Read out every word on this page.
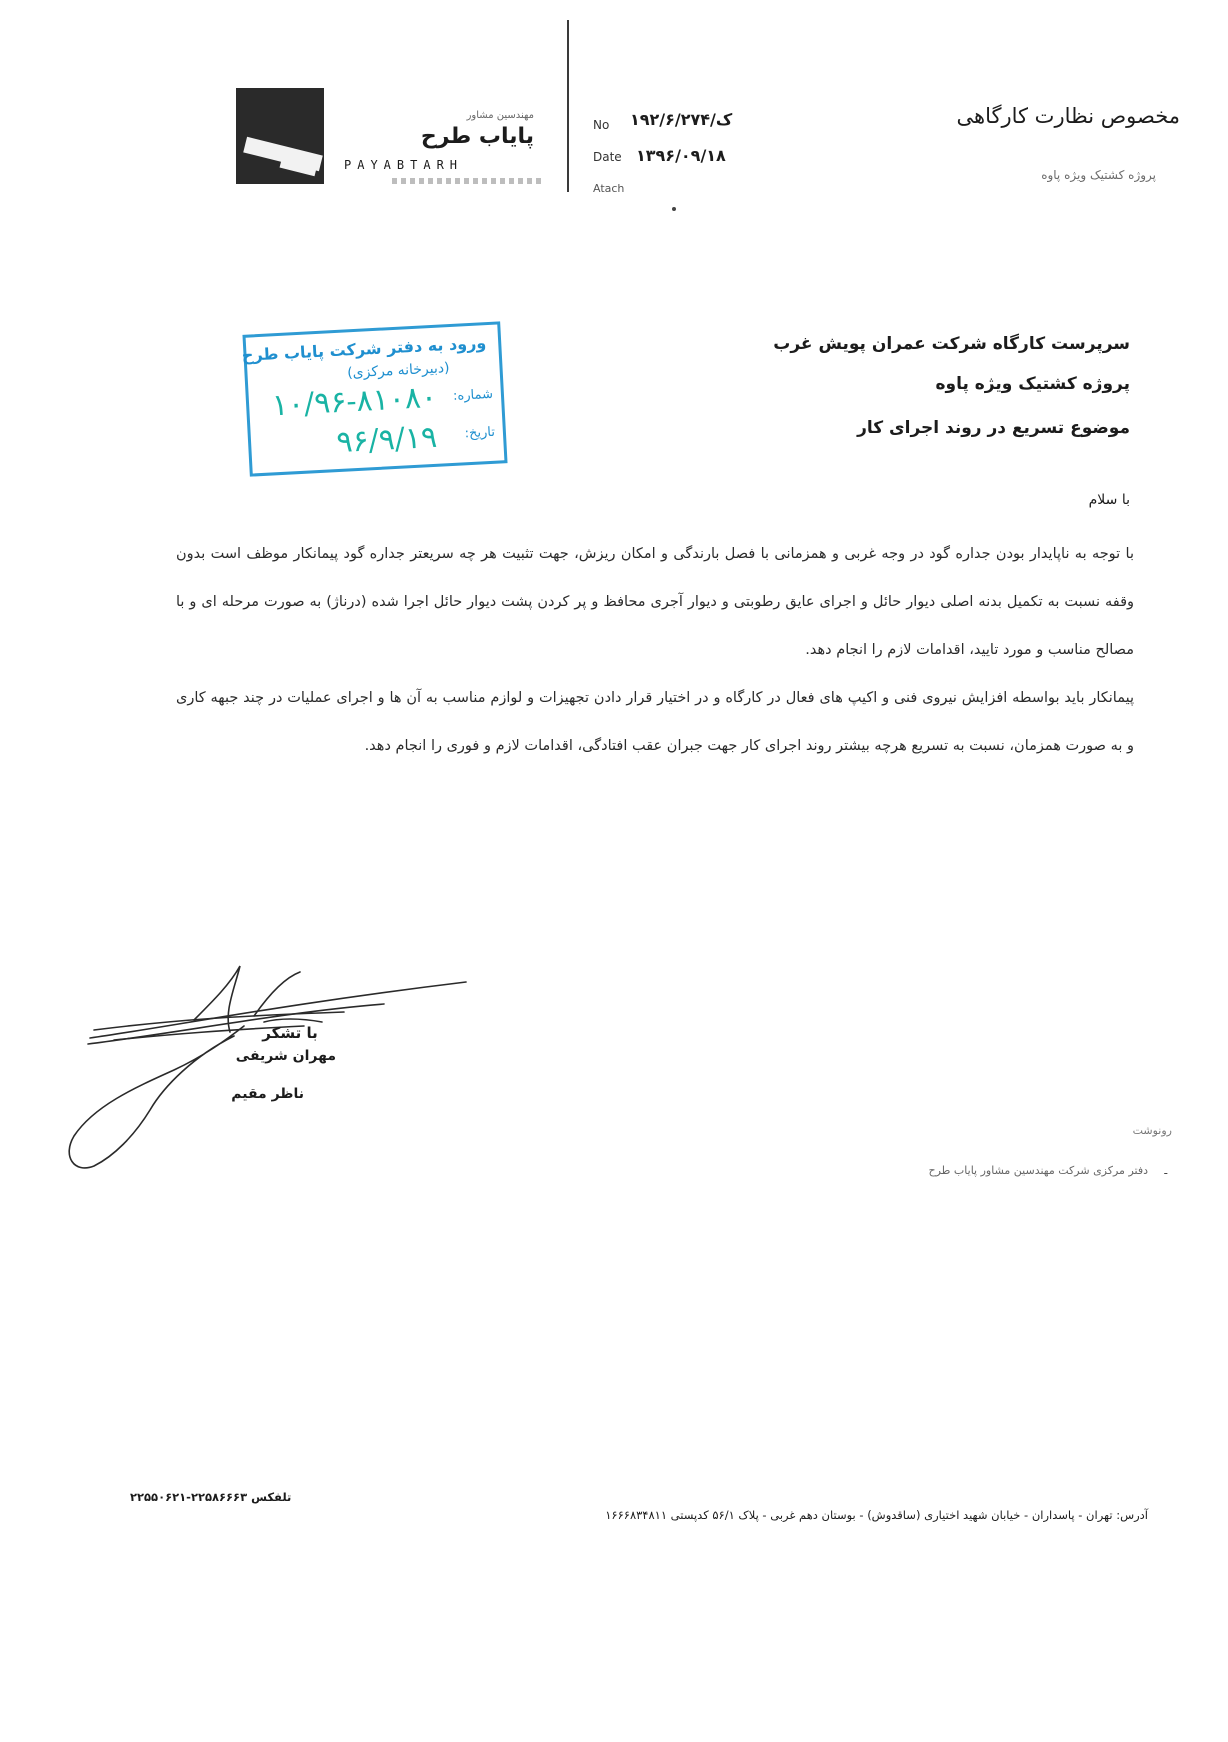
مهندسین مشاور
پایاب طرح
PAYABTARH
No ۱۹۲/۶/ک/۲۷۴
Date ۱۳۹۶/۰۹/۱۸
Atach
مخصوص نظارت کارگاهی
پروژه کشتیک ویژه پاوه
ورود به دفتر شرکت پایاب طرح
(دبیرخانه مرکزی)
شماره:
۱۰/۹۶-۸۱۰۸۰
تاریخ:
۹۶/۹/۱۹
سرپرست کارگاه شرکت عمران پویش غرب
پروژه کشتیک ویژه پاوه
موضوع تسریع در روند اجرای کار
با سلام

با توجه به ناپایدار بودن جداره گود در وجه غربی و همزمانی با فصل بارندگی و امکان ریزش، جهت تثبیت هر چه سریعتر جداره گود پیمانکار موظف است بدون وقفه نسبت به تکمیل بدنه اصلی دیوار حائل و اجرای عایق رطوبتی و دیوار آجری محافظ و پر کردن پشت دیوار حائل اجرا شده (درناژ) به صورت مرحله ای و با مصالح مناسب و مورد تایید، اقدامات لازم را انجام دهد.

پیمانکار باید بواسطه افزایش نیروی فنی و اکیپ های فعال در کارگاه و در اختیار قرار دادن تجهیزات و لوازم مناسب به آن ها و اجرای عملیات در چند جبهه کاری و به صورت همزمان، نسبت به تسریع هرچه بیشتر روند اجرای کار جهت جبران عقب افتادگی، اقدامات لازم و فوری را انجام دهد.

با تشکر
مهران شریفی
ناظر مقیم
رونوشت
-
دفتر مرکزی شرکت مهندسین مشاور پایاب طرح
تلفکس ۲۲۵۸۶۶۶۳-۲۲۵۵۰۶۲۱
آدرس: تهران - پاسداران - خیابان شهید اختیاری (ساقدوش) - بوستان دهم غربی - پلاک ۵۶/۱ کدپستی ۱۶۶۶۸۳۴۸۱۱
